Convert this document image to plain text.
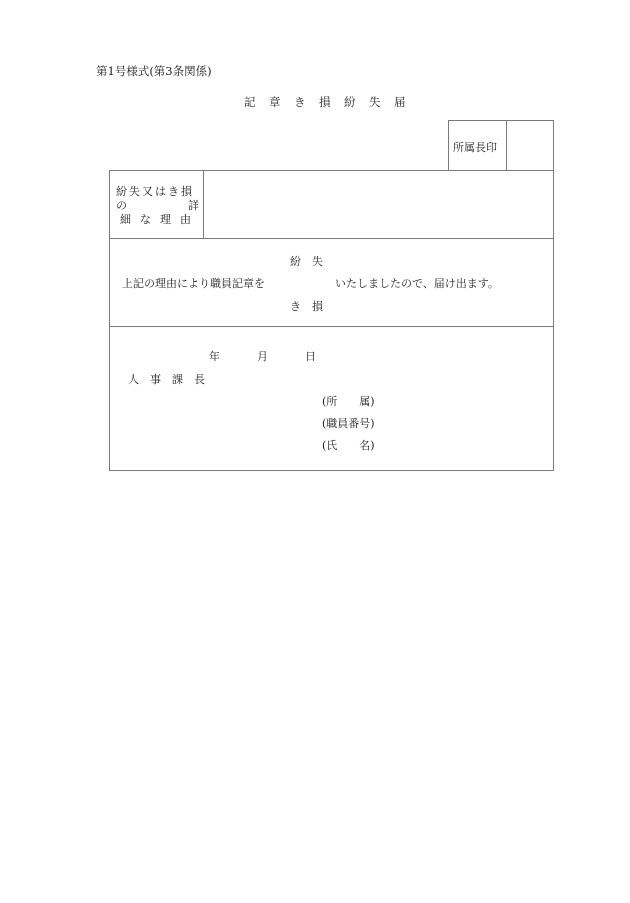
第1号様式(第3条関係)
記 章 き 損 紛 失 届
所属長印
紛 失 又 は き 損
の	詳
細 な 理 由
紛　失
上記の理由により職員記章を	いたしましたので、届け出ます。
き　損
年	月	日
人 事 課 長
(所　　属)
(職員番号)
(氏　　名)
